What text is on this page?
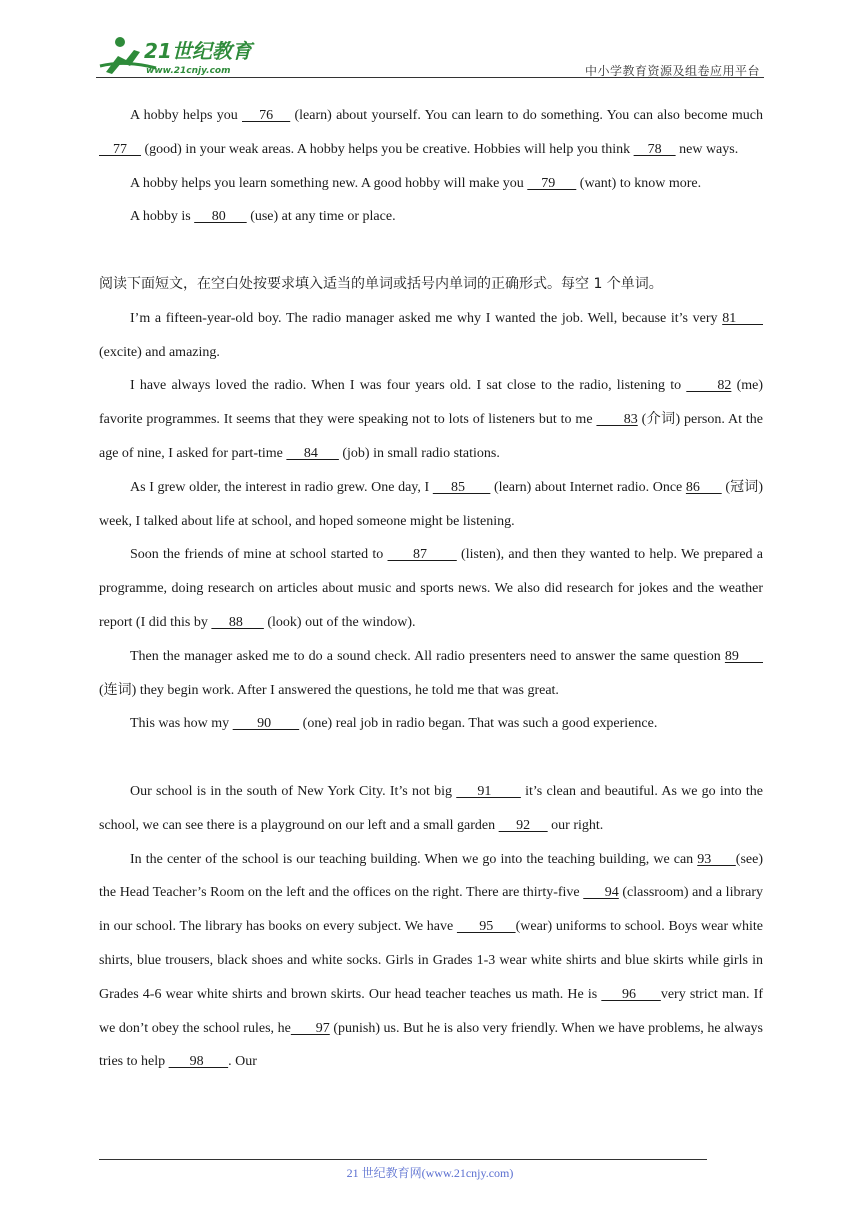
21世纪教育
www.21cnjy.com	中小学教育资源及组卷应用平台

A hobby helps you     76     (learn) about yourself. You can learn to do something. You can also become much     77     (good) in your weak areas. A hobby helps you be creative. Hobbies will help you think     78     new ways.

A hobby helps you learn something new. A good hobby will make you     79       (want) to know more.

A hobby is      80       (use) at any time or place.

阅读下面短文，在空白处按要求填入适当的单词或括号内单词的正确形式。每空 1 个单词。

I’m a fifteen-year-old boy. The radio manager asked me why I wanted the job. Well, because it’s very 81       (excite) and amazing.

I have always loved the radio. When I was four years old. I sat close to the radio, listening to       82 (me) favorite programmes. It seems that they were speaking not to lots of listeners but to me        83 (介词) person. At the age of nine, I asked for part-time      84       (job) in small radio stations.

As I grew older, the interest in radio grew. One day, I      85        (learn) about Internet radio. Once 86       (冠词) week, I talked about life at school, and hoped someone might be listening.

Soon the friends of mine at school started to       87        (listen), and then they wanted to help. We prepared a programme, doing research on articles about music and sports news. We also did research for jokes and the weather report (I did this by      88       (look) out of the window).

Then the manager asked me to do a sound check. All radio presenters need to answer the same question 89       (连词) they begin work. After I answered the questions, he told me that was great.

This was how my        90         (one) real job in radio began. That was such a good experience.

Our school is in the south of New York City. It’s not big      91        it’s clean and beautiful. As we go into the school, we can see there is a playground on our left and a small garden      92      our right.

In the center of the school is our teaching building. When we go into the teaching building, we can 93      (see) the Head Teacher’s Room on the left and the offices on the right. There are thirty-five       94 (classroom) and a library in our school. The library has books on every subject. We have       95      (wear) uniforms to school. Boys wear white shirts, blue trousers, black shoes and white socks. Girls in Grades 1-3 wear white shirts and blue skirts while girls in Grades 4-6 wear white shirts and brown skirts. Our head teacher teaches us math. He is      96      very strict man. If we don’t obey the school rules, he       97 (punish) us. But he is also very friendly. When we have problems, he always tries to help       98       . Our

21 世纪教育网(www.21cnjy.com)
